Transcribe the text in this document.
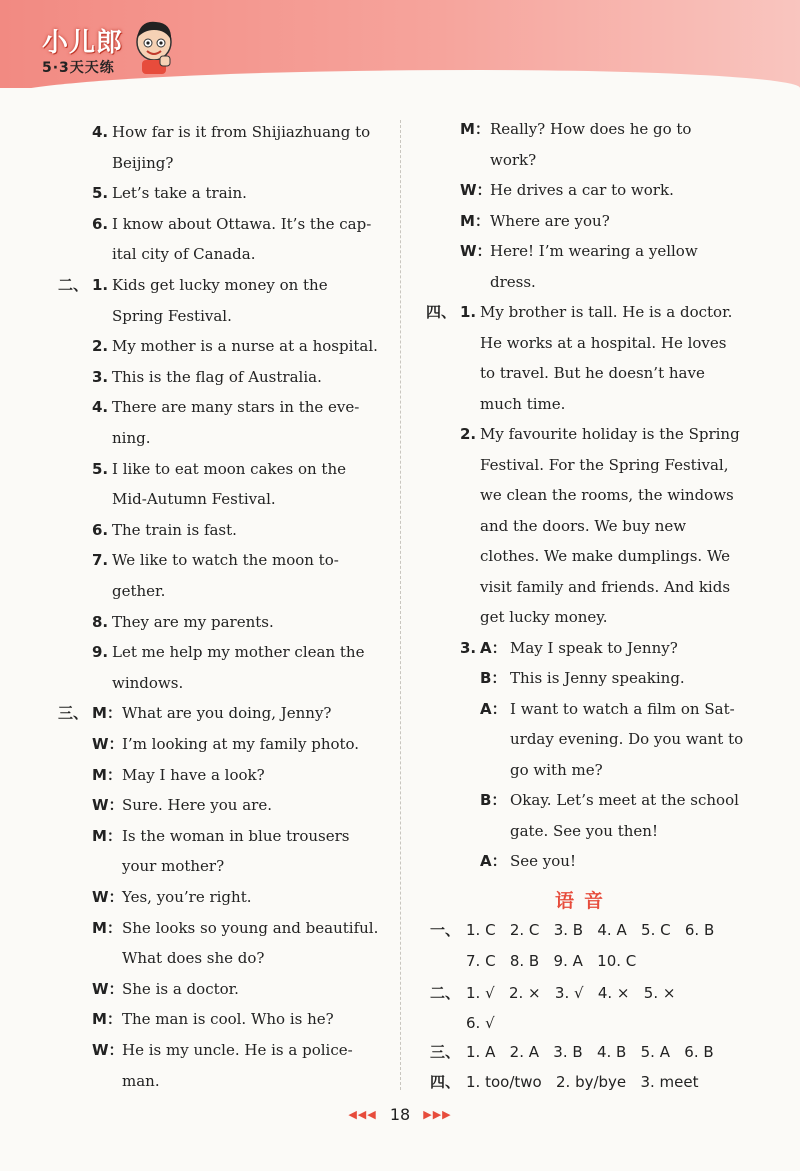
小儿郎
5·3天天练
4. How far is it from Shijiazhuang to
Beijing?
5. Let’s take a train.
6. I know about Ottawa. It’s the cap-
ital city of Canada.
二、 1. Kids get lucky money on the
Spring Festival.
2. My mother is a nurse at a hospital.
3. This is the flag of Australia.
4. There are many stars in the eve-
ning.
5. I like to eat moon cakes on the
Mid-Autumn Festival.
6. The train is fast.
7. We like to watch the moon to-
gether.
8. They are my parents.
9. Let me help my mother clean the
windows.
三、 M： What are you doing, Jenny?
W：
I’m looking at my family photo.
M： May I have a look?
W：
Sure. Here you are.
M： Is the woman in blue trousers
your mother?
W：
Yes, you’re right.
M： She looks so young and beautiful.
What does she do?
W：
She is a doctor.
M： The man is cool. Who is he?
W：
He is my uncle. He is a police-
man.
M： Really? How does he go to
work?
W：
He drives a car to work.
M： Where are you?
W：
Here! I’m wearing a yellow
dress.
四、 1. My brother is tall. He is a doctor.
He works at a hospital. He loves
to travel. But he doesn’t have
much time.
2. My favourite holiday is the Spring
Festival. For the Spring Festival,
we clean the rooms, the windows
and the doors. We buy new
clothes. We make dumplings. We
visit family and friends. And kids
get lucky money.
3. A： May I speak to Jenny?
B： This is Jenny speaking.
A： I want to watch a film on Sat-
urday evening. Do you want to
go with me?
B： Okay. Let’s meet at the school
gate. See you then!
A： See you!
语音
一、 1. C   2. C   3. B   4. A   5. C   6. B
7. C   8. B   9. A   10. C
二、 1. √   2. ×   3. √   4. ×   5. ×
6. √
三、 1. A   2. A   3. B   4. B   5. A   6. B
四、 1. too/two   2. by/bye   3. meet
◀◀◀ 18 ▶▶▶
